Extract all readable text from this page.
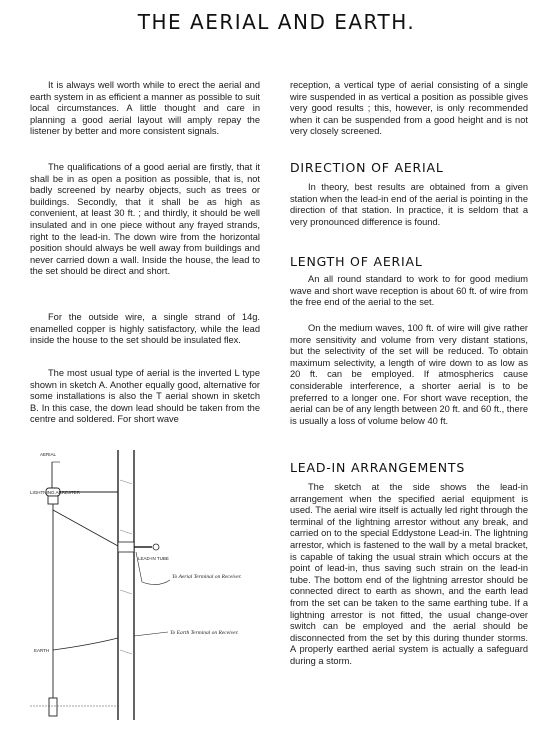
THE AERIAL AND EARTH.

It is always well worth while to erect the aerial and earth system in as efficient a manner as possible to suit local circumstances. A little thought and care in planning a good aerial layout will amply repay the listener by better and more consistent signals.

The qualifications of a good aerial are firstly, that it shall be in as open a position as possible, that is, not badly screened by nearby objects, such as trees or buildings. Secondly, that it shall be as high as convenient, at least 30 ft. ; and thirdly, it should be well insulated and in one piece without any frayed strands, right to the lead-in. The down wire from the horizontal position should always be well away from buildings and never carried down a wall. Inside the house, the lead to the set should be direct and short.

For the outside wire, a single strand of 14g. enamelled copper is highly satisfactory, while the lead inside the house to the set should be insulated flex.

The most usual type of aerial is the inverted L type shown in sketch A. Another equally good, alternative for some installations is also the T aerial shown in sketch B. In this case, the down lead should be taken from the centre and soldered. For short wave

AERIAL
LIGHTNING ARRESTER
LEAD-IN TUBE
EARTH
To Aerial Terminal on Receiver.
To Earth Terminal on Receiver.

reception, a vertical type of aerial consisting of a single wire suspended in as vertical a position as possible gives very good results ; this, however, is only recommended when it can be suspended from a good height and is not very closely screened.

DIRECTION OF AERIAL

In theory, best results are obtained from a given station when the lead-in end of the aerial is pointing in the direction of that station. In practice, it is seldom that a very pronounced difference is found.

LENGTH OF AERIAL

An all round standard to work to for good medium wave and short wave reception is about 60 ft. of wire from the free end of the aerial to the set.

On the medium waves, 100 ft. of wire will give rather more sensitivity and volume from very distant stations, but the selectivity of the set will be reduced. To obtain maximum selectivity, a length of wire down to as low as 20 ft. can be employed. If atmospherics cause considerable interference, a shorter aerial is to be preferred to a longer one. For short wave reception, the aerial can be of any length between 20 ft. and 60 ft., there is usually a loss of volume below 40 ft.

LEAD-IN ARRANGEMENTS

The sketch at the side shows the lead-in arrangement when the specified aerial equipment is used. The aerial wire itself is actually led right through the terminal of the lightning arrestor without any break, and carried on to the special Eddystone Lead-in. The lightning arrestor, which is fastened to the wall by a metal bracket, is capable of taking the usual strain which occurs at the point of lead-in, thus saving such strain on the lead-in tube. The bottom end of the lightning arrestor should be connected direct to earth as shown, and the earth lead from the set can be taken to the same earthing tube. If a lightning arrestor is not fitted, the usual change-over switch can be employed and the aerial should be disconnected from the set by this during thunder storms. A properly earthed aerial system is actually a safeguard during a storm.
